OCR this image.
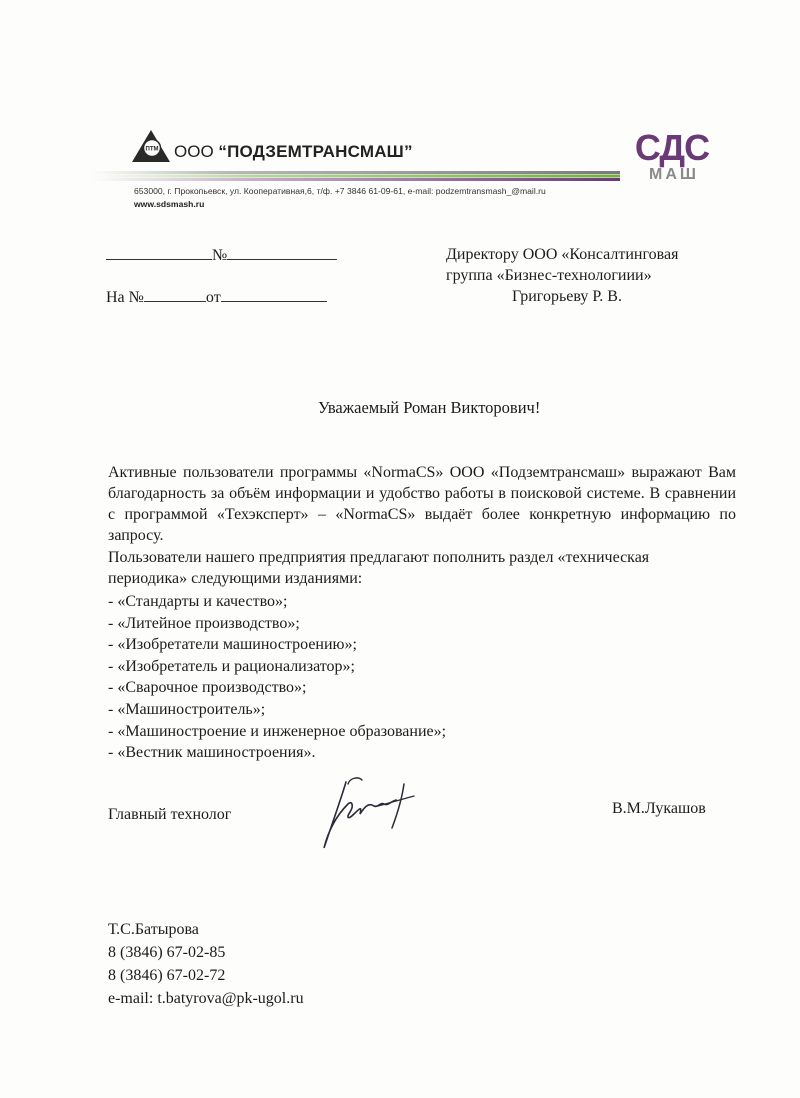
ПТМ ООО “ПОДЗЕМТРАНСМАШ”
653000, г. Прокопьевск, ул. Кооперативная,6, т/ф. +7 3846 61-09-61, e-mail: podzemtransmash_@mail.ru
www.sdsmash.ru
СДС
МАШ
№
На №	от
Директору ООО «Консалтинговая
группа «Бизнес-технологиии»
Григорьеву Р. В.
Уважаемый Роман Викторович!
Активные пользователи программы «NormaCS» ООО «Подземтрансмаш» выражают Вам благодарность за объём информации и удобство работы в поисковой системе. В сравнении с программой «Техэксперт» – «NormaCS» выдаёт более конкретную информацию по запросу.
Пользователи нашего предприятия предлагают пополнить раздел «техническая
периодика» следующими изданиями:
- «Стандарты и качество»;
- «Литейное производство»;
- «Изобретатели машиностроению»;
- «Изобретатель и рационализатор»;
- «Сварочное производство»;
- «Машиностроитель»;
- «Машиностроение и инженерное образование»;
- «Вестник машиностроения».
Главный технолог	В.М.Лукашов
Т.С.Батырова
8 (3846) 67-02-85
8 (3846) 67-02-72
e-mail: t.batyrova@pk-ugol.ru
